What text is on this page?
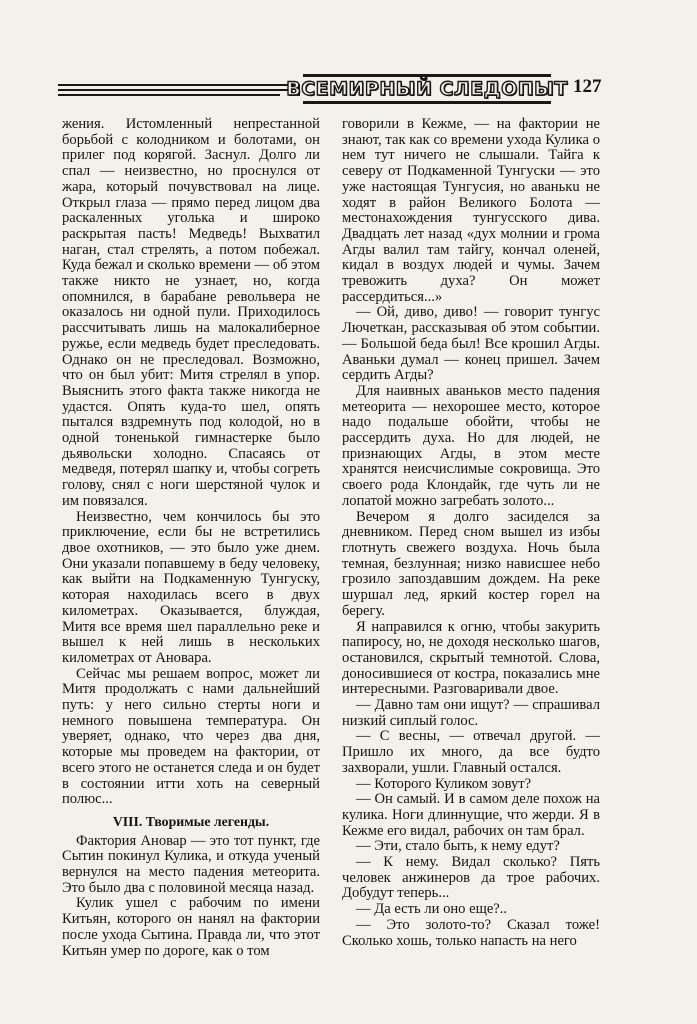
ВСЕМИРНЫЙ СЛЕДОПЫТ 127

жения. Истомленный непрестанной борьбой с колодником и болотами, он прилег под корягой. Заснул. Долго ли спал — неизвестно, но проснулся от жара, который почувствовал на лице. Открыл глаза — прямо перед лицом два раскаленных уголька и широко раскрытая пасть! Медведь! Выхватил наган, стал стрелять, а потом побежал. Куда бежал и сколько времени — об этом также никто не узнает, но, когда опомнился, в барабане револьвера не оказалось ни одной пули. Приходилось рассчитывать лишь на малокалиберное ружье, если медведь будет преследовать. Однако он не преследовал. Возможно, что он был убит: Митя стрелял в упор. Выяснить этого факта также никогда не удастся. Опять куда-то шел, опять пытался вздремнуть под колодой, но в одной тоненькой гимнастерке было дьявольски холодно. Спасаясь от медведя, потерял шапку и, чтобы согреть голову, снял с ноги шерстяной чулок и им повязался.

Неизвестно, чем кончилось бы это приключение, если бы не встретились двое охотников, — это было уже днем. Они указали попавшему в беду человеку, как выйти на Подкаменную Тунгуску, которая находилась всего в двух километрах. Оказывается, блуждая, Митя все время шел параллельно реке и вышел к ней лишь в нескольких километрах от Ановара.

Сейчас мы решаем вопрос, может ли Митя продолжать с нами дальнейший путь: у него сильно стерты ноги и немного повышена температура. Он уверяет, однако, что через два дня, которые мы проведем на фактории, от всего этого не останется следа и он будет в состоянии итти хоть на северный полюс...

VIII. Творимые легенды.

Фактория Ановар — это тот пункт, где Сытин покинул Кулика, и откуда ученый вернулся на место падения метеорита. Это было два с половиной месяца назад.

Кулик ушел с рабочим по имени Китьян, которого он нанял на фактории после ухода Сытина. Правда ли, что этот Китьян умер по дороге, как о том

говорили в Кежме, — на фактории не знают, так как со времени ухода Кулика о нем тут ничего не слышали. Тайга к северу от Подкаменной Тунгуски — это уже настоящая Тунгусия, но аванькu не ходят в район Великого Болота — местонахождения тунгусского дива. Двадцать лет назад «дух молнии и грома Агды валил там тайгу, кончал оленей, кидал в воздух людей и чумы. Зачем тревожить духа? Он может рассердиться...»

— Ой, диво, диво! — говорит тунгус Лючеткан, рассказывая об этом событии. — Большой беда был! Все крошил Агды. Аваньки думал — конец пришел. Зачем сердить Агды?

Для наивных аванькoв место падения метеорита — нехорошее место, которое надо подальше обойти, чтобы не рассердить духа. Но для людей, не признающих Агды, в этом месте хранятся неисчислимые сокровища. Это своего рода Клондайк, где чуть ли не лопатой можно загребать золото...

Вечером я долго засиделся за дневником. Перед сном вышел из избы глотнуть свежего воздуха. Ночь была темная, безлунная; низко нависшее небо грозило запоздавшим дождем. На реке шуршал лед, яркий костер горел на берегу.

Я направился к огню, чтобы закурить папиросу, но, не доходя несколько шагов, остановился, скрытый темнотой. Слова, доносившиеся от костра, показались мне интересными. Разговаривали двое.

— Давно там они ищут? — спрашивал низкий сиплый голос.

— С весны, — отвечал другой. — Пришло их много, да все будто захворали, ушли. Главный остался.

— Которого Куликом зовут?

— Он самый. И в самом деле похож на кулика. Ноги длиннущие, что жерди. Я в Кежме его видал, рабочих он там брал.

— Эти, стало быть, к нему едут?

— К нему. Видал сколько? Пять человек анжинеров да трое рабочих. Добудут теперь...

— Да есть ли оно еще?..

— Это золото-то? Сказал тоже! Сколько хошь, только напасть на него
